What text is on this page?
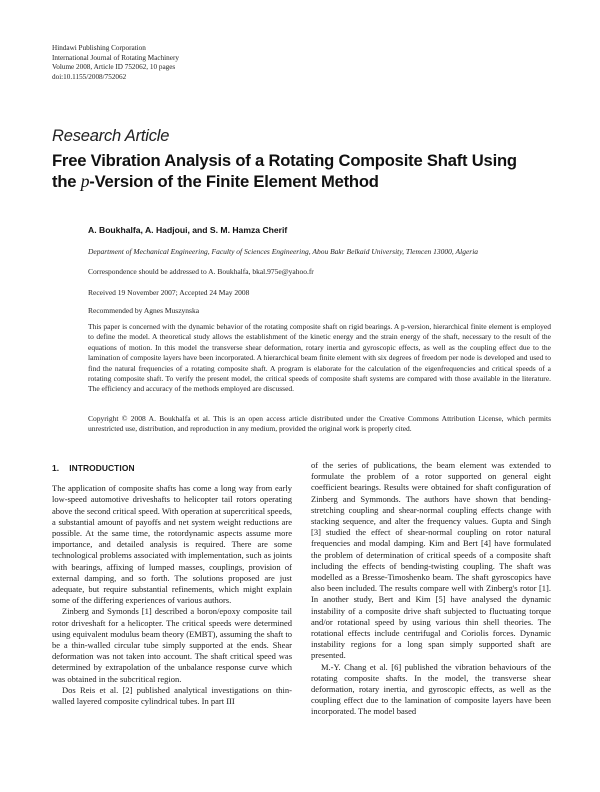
Hindawi Publishing Corporation
International Journal of Rotating Machinery
Volume 2008, Article ID 752062, 10 pages
doi:10.1155/2008/752062
Research Article
Free Vibration Analysis of a Rotating Composite Shaft Using
the p-Version of the Finite Element Method
A. Boukhalfa, A. Hadjoui, and S. M. Hamza Cherif
Department of Mechanical Engineering, Faculty of Sciences Engineering, Abou Bakr Belkaid University, Tlemcen 13000, Algeria
Correspondence should be addressed to A. Boukhalfa, bkal.975e@yahoo.fr
Received 19 November 2007; Accepted 24 May 2008
Recommended by Agnes Muszynska
This paper is concerned with the dynamic behavior of the rotating composite shaft on rigid bearings. A p-version, hierarchical finite element is employed to define the model. A theoretical study allows the establishment of the kinetic energy and the strain energy of the shaft, necessary to the result of the equations of motion. In this model the transverse shear deformation, rotary inertia and gyroscopic effects, as well as the coupling effect due to the lamination of composite layers have been incorporated. A hierarchical beam finite element with six degrees of freedom per node is developed and used to find the natural frequencies of a rotating composite shaft. A program is elaborate for the calculation of the eigenfrequencies and critical speeds of a rotating composite shaft. To verify the present model, the critical speeds of composite shaft systems are compared with those available in the literature. The efficiency and accuracy of the methods employed are discussed.
Copyright © 2008 A. Boukhalfa et al. This is an open access article distributed under the Creative Commons Attribution License, which permits unrestricted use, distribution, and reproduction in any medium, provided the original work is properly cited.
1. INTRODUCTION

The application of composite shafts has come a long way from early low-speed automotive driveshafts to helicopter tail rotors operating above the second critical speed. With operation at supercritical speeds, a substantial amount of payoffs and net system weight reductions are possible. At the same time, the rotordynamic aspects assume more importance, and detailed analysis is required. There are some technological problems associated with implementation, such as joints with bearings, affixing of lumped masses, couplings, provision of external damping, and so forth. The solutions proposed are just adequate, but require substantial refinements, which might explain some of the differing experiences of various authors.

Zinberg and Symonds [1] described a boron/epoxy composite tail rotor driveshaft for a helicopter. The critical speeds were determined using equivalent modulus beam theory (EMBT), assuming the shaft to be a thin-walled circular tube simply supported at the ends. Shear deformation was not taken into account. The shaft critical speed was determined by extrapolation of the unbalance response curve which was obtained in the subcritical region.

Dos Reis et al. [2] published analytical investigations on thin-walled layered composite cylindrical tubes. In part III

of the series of publications, the beam element was extended to formulate the problem of a rotor supported on general eight coefficient bearings. Results were obtained for shaft configuration of Zinberg and Symmonds. The authors have shown that bending-stretching coupling and shear-normal coupling effects change with stacking sequence, and alter the frequency values. Gupta and Singh [3] studied the effect of shear-normal coupling on rotor natural frequencies and modal damping. Kim and Bert [4] have formulated the problem of determination of critical speeds of a composite shaft including the effects of bending-twisting coupling. The shaft was modelled as a Bresse-Timoshenko beam. The shaft gyroscopics have also been included. The results compare well with Zinberg's rotor [1]. In another study, Bert and Kim [5] have analysed the dynamic instability of a composite drive shaft subjected to fluctuating torque and/or rotational speed by using various thin shell theories. The rotational effects include centrifugal and Coriolis forces. Dynamic instability regions for a long span simply supported shaft are presented.

M.-Y. Chang et al. [6] published the vibration behaviours of the rotating composite shafts. In the model, the transverse shear deformation, rotary inertia, and gyroscopic effects, as well as the coupling effect due to the lamination of composite layers have been incorporated. The model based
